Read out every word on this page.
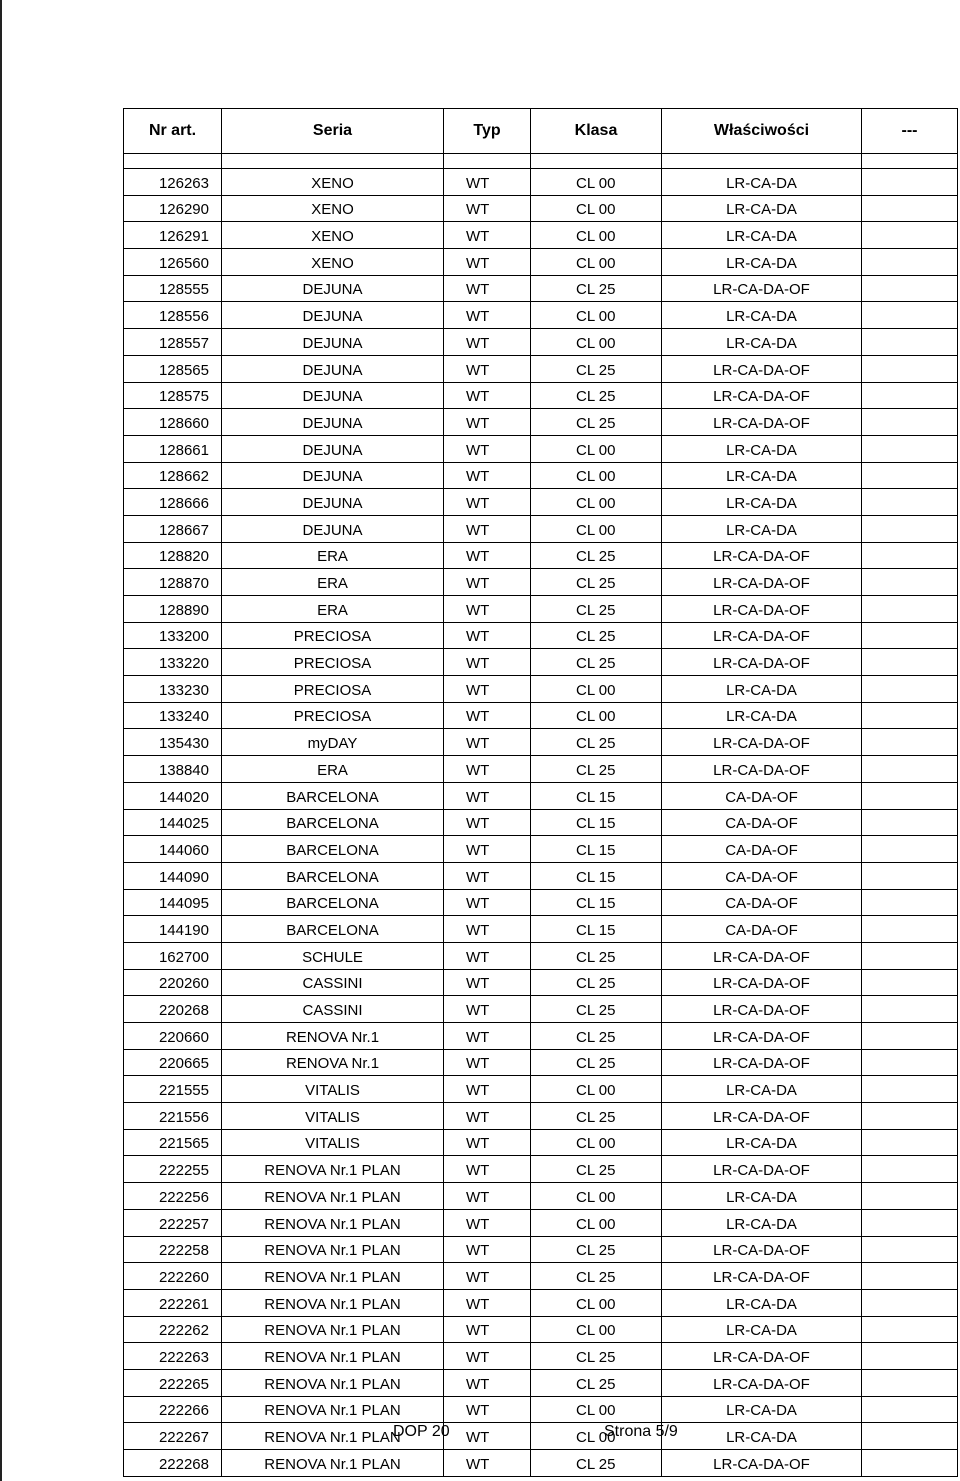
Nr art.	Seria	Typ	Klasa	Właściwości	---

126263	XENO	WT	CL 00	LR-CA-DA	
126290	XENO	WT	CL 00	LR-CA-DA	
126291	XENO	WT	CL 00	LR-CA-DA	
126560	XENO	WT	CL 00	LR-CA-DA	
128555	DEJUNA	WT	CL 25	LR-CA-DA-OF	
128556	DEJUNA	WT	CL 00	LR-CA-DA	
128557	DEJUNA	WT	CL 00	LR-CA-DA	
128565	DEJUNA	WT	CL 25	LR-CA-DA-OF	
128575	DEJUNA	WT	CL 25	LR-CA-DA-OF	
128660	DEJUNA	WT	CL 25	LR-CA-DA-OF	
128661	DEJUNA	WT	CL 00	LR-CA-DA	
128662	DEJUNA	WT	CL 00	LR-CA-DA	
128666	DEJUNA	WT	CL 00	LR-CA-DA	
128667	DEJUNA	WT	CL 00	LR-CA-DA	
128820	ERA	WT	CL 25	LR-CA-DA-OF	
128870	ERA	WT	CL 25	LR-CA-DA-OF	
128890	ERA	WT	CL 25	LR-CA-DA-OF	
133200	PRECIOSA	WT	CL 25	LR-CA-DA-OF	
133220	PRECIOSA	WT	CL 25	LR-CA-DA-OF	
133230	PRECIOSA	WT	CL 00	LR-CA-DA	
133240	PRECIOSA	WT	CL 00	LR-CA-DA	
135430	myDAY	WT	CL 25	LR-CA-DA-OF	
138840	ERA	WT	CL 25	LR-CA-DA-OF	
144020	BARCELONA	WT	CL 15	CA-DA-OF	
144025	BARCELONA	WT	CL 15	CA-DA-OF	
144060	BARCELONA	WT	CL 15	CA-DA-OF	
144090	BARCELONA	WT	CL 15	CA-DA-OF	
144095	BARCELONA	WT	CL 15	CA-DA-OF	
144190	BARCELONA	WT	CL 15	CA-DA-OF	
162700	SCHULE	WT	CL 25	LR-CA-DA-OF	
220260	CASSINI	WT	CL 25	LR-CA-DA-OF	
220268	CASSINI	WT	CL 25	LR-CA-DA-OF	
220660	RENOVA Nr.1	WT	CL 25	LR-CA-DA-OF	
220665	RENOVA Nr.1	WT	CL 25	LR-CA-DA-OF	
221555	VITALIS	WT	CL 00	LR-CA-DA	
221556	VITALIS	WT	CL 25	LR-CA-DA-OF	
221565	VITALIS	WT	CL 00	LR-CA-DA	
222255	RENOVA Nr.1 PLAN	WT	CL 25	LR-CA-DA-OF	
222256	RENOVA Nr.1 PLAN	WT	CL 00	LR-CA-DA	
222257	RENOVA Nr.1 PLAN	WT	CL 00	LR-CA-DA	
222258	RENOVA Nr.1 PLAN	WT	CL 25	LR-CA-DA-OF	
222260	RENOVA Nr.1 PLAN	WT	CL 25	LR-CA-DA-OF	
222261	RENOVA Nr.1 PLAN	WT	CL 00	LR-CA-DA	
222262	RENOVA Nr.1 PLAN	WT	CL 00	LR-CA-DA	
222263	RENOVA Nr.1 PLAN	WT	CL 25	LR-CA-DA-OF	
222265	RENOVA Nr.1 PLAN	WT	CL 25	LR-CA-DA-OF	
222266	RENOVA Nr.1 PLAN	WT	CL 00	LR-CA-DA	
222267	RENOVA Nr.1 PLAN	WT	CL 00	LR-CA-DA	
222268	RENOVA Nr.1 PLAN	WT	CL 25	LR-CA-DA-OF	
DOP 20	Strona 5/9
